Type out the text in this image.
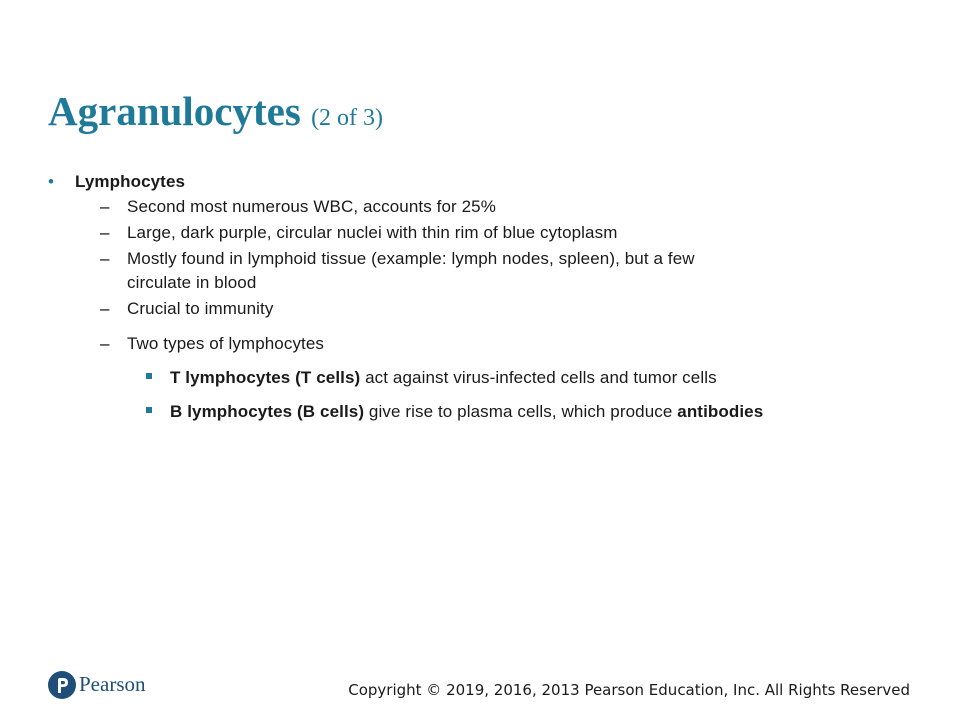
Agranulocytes (2 of 3)
• Lymphocytes
– Second most numerous WBC, accounts for 25%
– Large, dark purple, circular nuclei with thin rim of blue cytoplasm
– Mostly found in lymphoid tissue (example: lymph nodes, spleen), but a few
circulate in blood
– Crucial to immunity
– Two types of lymphocytes
T lymphocytes (T cells) act against virus-infected cells and tumor cells
B lymphocytes (B cells) give rise to plasma cells, which produce antibodies
Pearson	Copyright © 2019, 2016, 2013 Pearson Education, Inc. All Rights Reserved
